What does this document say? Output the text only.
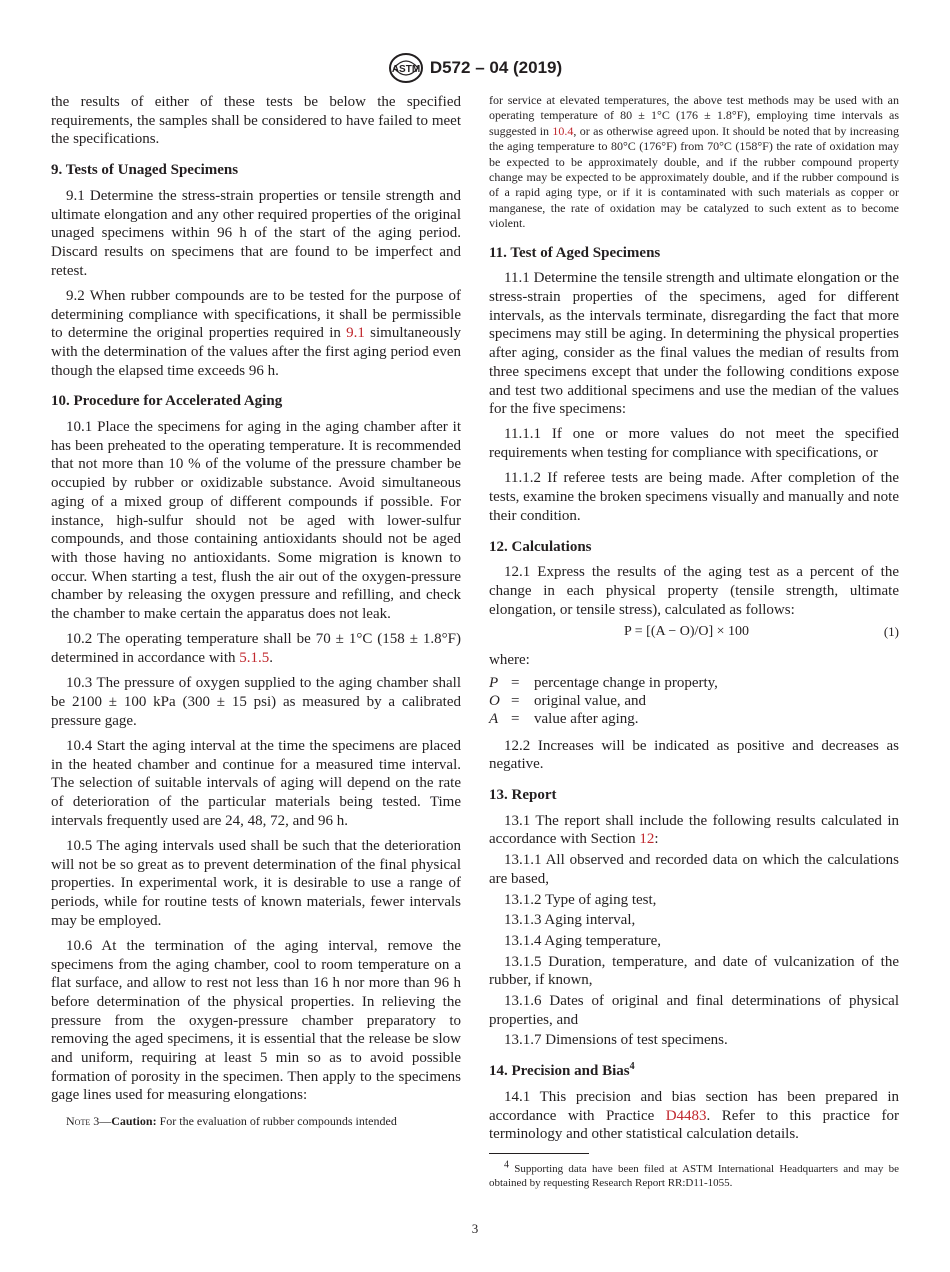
ASTM D572 – 04 (2019)

the results of either of these tests be below the specified requirements, the samples shall be considered to have failed to meet the specifications.

9. Tests of Unaged Specimens

9.1 Determine the stress-strain properties or tensile strength and ultimate elongation and any other required properties of the original unaged specimens within 96 h of the start of the aging period. Discard results on specimens that are found to be imperfect and retest.

9.2 When rubber compounds are to be tested for the purpose of determining compliance with specifications, it shall be permissible to determine the original properties required in 9.1 simultaneously with the determination of the values after the first aging period even though the elapsed time exceeds 96 h.

10. Procedure for Accelerated Aging

10.1 Place the specimens for aging in the aging chamber after it has been preheated to the operating temperature. It is recommended that not more than 10 % of the volume of the pressure chamber be occupied by rubber or oxidizable substance. Avoid simultaneous aging of a mixed group of different compounds if possible. For instance, high-sulfur should not be aged with lower-sulfur compounds, and those containing antioxidants should not be aged with those having no antioxidants. Some migration is known to occur. When starting a test, flush the air out of the oxygen-pressure chamber by releasing the oxygen pressure and refilling, and check the chamber to make certain the apparatus does not leak.

10.2 The operating temperature shall be 70 ± 1°C (158 ± 1.8°F) determined in accordance with 5.1.5.

10.3 The pressure of oxygen supplied to the aging chamber shall be 2100 ± 100 kPa (300 ± 15 psi) as measured by a calibrated pressure gage.

10.4 Start the aging interval at the time the specimens are placed in the heated chamber and continue for a measured time interval. The selection of suitable intervals of aging will depend on the rate of deterioration of the particular materials being tested. Time intervals frequently used are 24, 48, 72, and 96 h.

10.5 The aging intervals used shall be such that the deterioration will not be so great as to prevent determination of the final physical properties. In experimental work, it is desirable to use a range of periods, while for routine tests of known materials, fewer intervals may be employed.

10.6 At the termination of the aging interval, remove the specimens from the aging chamber, cool to room temperature on a flat surface, and allow to rest not less than 16 h nor more than 96 h before determination of the physical properties. In relieving the pressure from the oxygen-pressure chamber preparatory to removing the aged specimens, it is essential that the release be slow and uniform, requiring at least 5 min so as to avoid possible formation of porosity in the specimen. Then apply to the specimens gage lines used for measuring elongations:

Note 3—Caution: For the evaluation of rubber compounds intended

for service at elevated temperatures, the above test methods may be used with an operating temperature of 80 ± 1°C (176 ± 1.8°F), employing time intervals as suggested in 10.4, or as otherwise agreed upon. It should be noted that by increasing the aging temperature to 80°C (176°F) from 70°C (158°F) the rate of oxidation may be expected to be approximately double, and if the rubber compound property change may be expected to be approximately double, and if the rubber compound is of a rapid aging type, or if it is contaminated with such materials as copper or manganese, the rate of oxidation may be catalyzed to such extent as to become violent.

11. Test of Aged Specimens

11.1 Determine the tensile strength and ultimate elongation or the stress-strain properties of the specimens, aged for different intervals, as the intervals terminate, disregarding the fact that more specimens may still be aging. In determining the physical properties after aging, consider as the final values the median of results from three specimens except that under the following conditions expose and test two additional specimens and use the median of the values for the five specimens:

11.1.1 If one or more values do not meet the specified requirements when testing for compliance with specifications, or

11.1.2 If referee tests are being made. After completion of the tests, examine the broken specimens visually and manually and note their condition.

12. Calculations

12.1 Express the results of the aging test as a percent of the change in each physical property (tensile strength, ultimate elongation, or tensile stress), calculated as follows:

P = [(A − O)/O] × 100	(1)

where:

P = percentage change in property,
O = original value, and
A = value after aging.

12.2 Increases will be indicated as positive and decreases as negative.

13. Report

13.1 The report shall include the following results calculated in accordance with Section 12:

13.1.1 All observed and recorded data on which the calculations are based,

13.1.2 Type of aging test,

13.1.3 Aging interval,

13.1.4 Aging temperature,

13.1.5 Duration, temperature, and date of vulcanization of the rubber, if known,

13.1.6 Dates of original and final determinations of physical properties, and

13.1.7 Dimensions of test specimens.

14. Precision and Bias$^4$

14.1 This precision and bias section has been prepared in accordance with Practice D4483. Refer to this practice for terminology and other statistical calculation details.

$^4$ Supporting data have been filed at ASTM International Headquarters and may be obtained by requesting Research Report RR:D11-1055.

3
